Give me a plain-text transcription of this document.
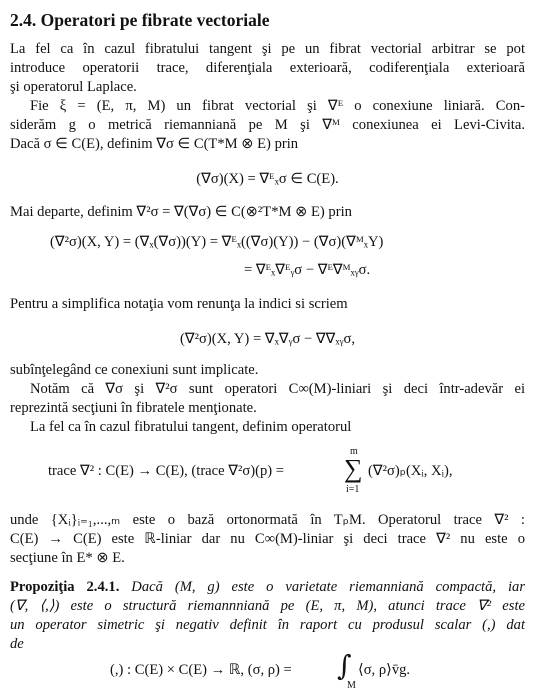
2.4. Operatori pe fibrate vectoriale
La fel ca în cazul fibratului tangent şi pe un fibrat vectorial arbitrar se pot
introduce operatorii trace, diferenţiala exterioară, codiferenţiala exterioară
şi operatorul Laplace.
Fie ξ = (E, π, M) un fibrat vectorial şi ∇ᴱ o conexiune liniară. Con-
siderăm g o metrică riemanniană pe M şi ∇ᴹ conexiunea ei Levi-Civita.
Dacă σ ∈ C(E), definim ∇σ ∈ C(T*M ⊗ E) prin
(∇σ)(X) = ∇ᴱₓσ ∈ C(E).
Mai departe, definim ∇²σ = ∇(∇σ) ∈ C(⊗²T*M ⊗ E) prin
(∇²σ)(X, Y) = (∇ₓ(∇σ))(Y) = ∇ᴱₓ((∇σ)(Y)) − (∇σ)(∇ᴹₓY)
= ∇ᴱₓ∇ᴱᵧσ − ∇ᴱ∇ᴹₓᵧσ.
Pentru a simplifica notaţia vom renunţa la indici si scriem
(∇²σ)(X, Y) = ∇ₓ∇ᵧσ − ∇∇ₓᵧσ,
subînţelegând ce conexiuni sunt implicate.
Notăm că ∇σ şi ∇²σ sunt operatori C∞(M)-liniari şi deci într-adevăr ei
reprezintă secţiuni în fibratele menţionate.
La fel ca în cazul fibratului tangent, definim operatorul
trace ∇² : C(E) → C(E), (trace ∇²σ)(p) =
m
∑
i=1
(∇²σ)ₚ(Xᵢ, Xᵢ),
unde {Xᵢ}ᵢ₌₁,...,ₘ este o bază ortonormată în TₚM. Operatorul trace ∇² :
C(E) → C(E) este ℝ-liniar dar nu C∞(M)-liniar şi deci trace ∇² nu este o
secţiune în E* ⊗ E.
Propoziţia 2.4.1. Dacă (M, g) este o varietate riemanniană compactă, iar
(∇, ⟨,⟩) este o structură riemannniană pe (E, π, M), atunci trace ∇² este
un operator simetric şi negativ definit în raport cu produsul scalar (,) dat
de
(,) : C(E) × C(E) → ℝ, (σ, ρ) = ∫
M
⟨σ, ρ⟩v̄g.
